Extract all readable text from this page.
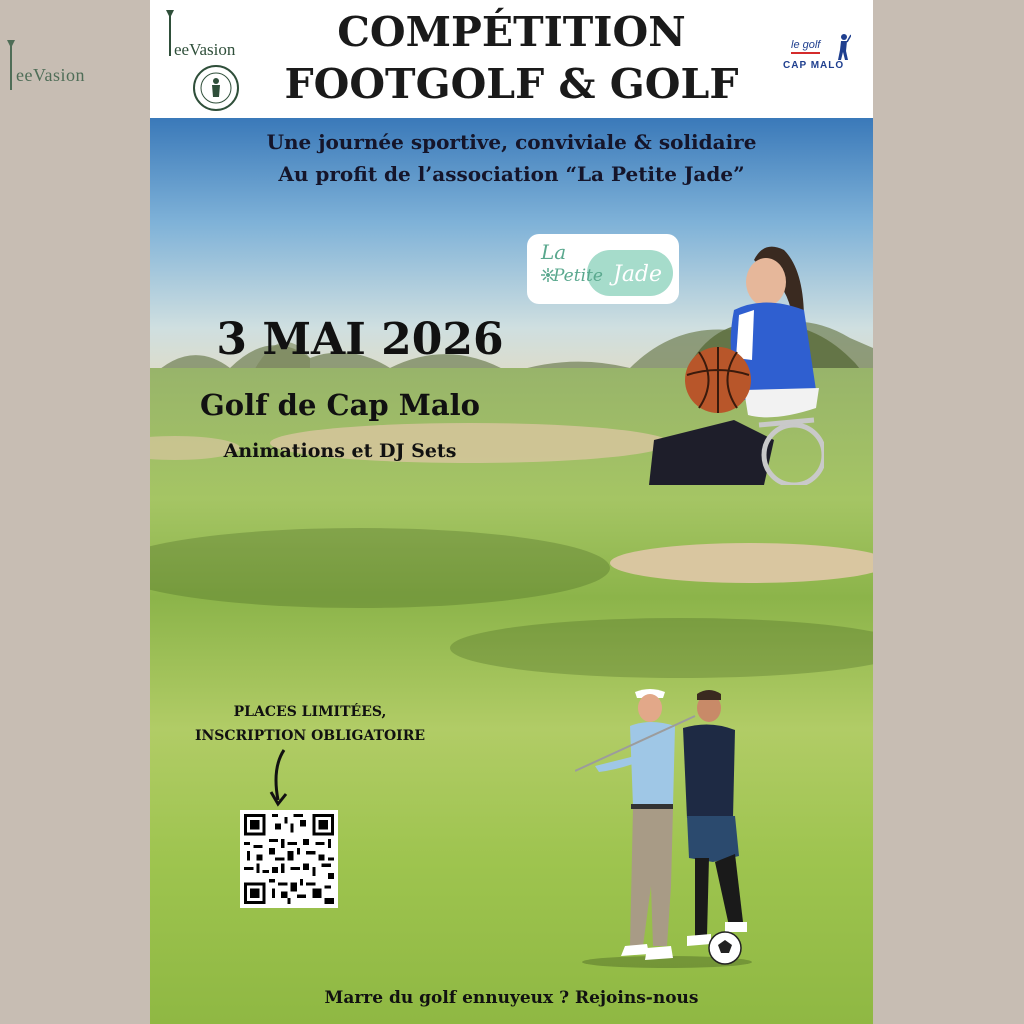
eeVasion
eeVasion	COMPÉTITION
FOOTGOLF & GOLF
le golf
CAP MALO
Une journée sportive, conviviale & solidaire
Au profit de l’association “La Petite Jade”
La
Petite Jade
3 MAI 2026
Golf de Cap Malo
Animations et DJ Sets
PLACES LIMITÉES,
INSCRIPTION OBLIGATOIRE
Marre du golf ennuyeux ? Rejoins-nous
